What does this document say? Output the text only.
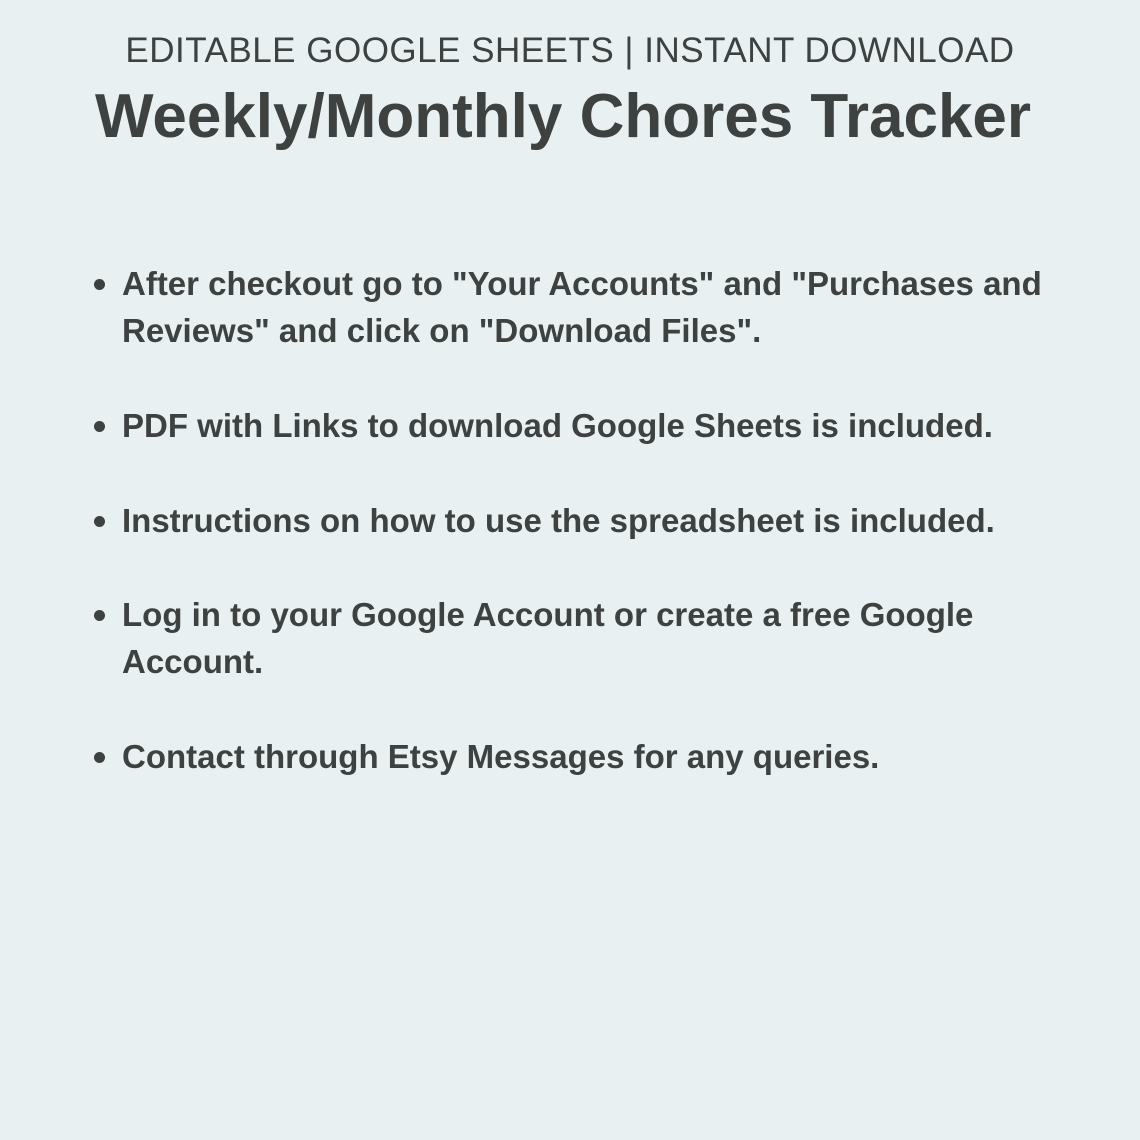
EDITABLE GOOGLE SHEETS | INSTANT DOWNLOAD
Weekly/Monthly Chores Tracker
After checkout go to "Your Accounts" and "Purchases and Reviews" and click on "Download Files".
PDF with Links to download Google Sheets is included.
Instructions on how to use the spreadsheet is included.
Log in to your Google Account or create a free Google Account.
Contact through Etsy Messages for any queries.
